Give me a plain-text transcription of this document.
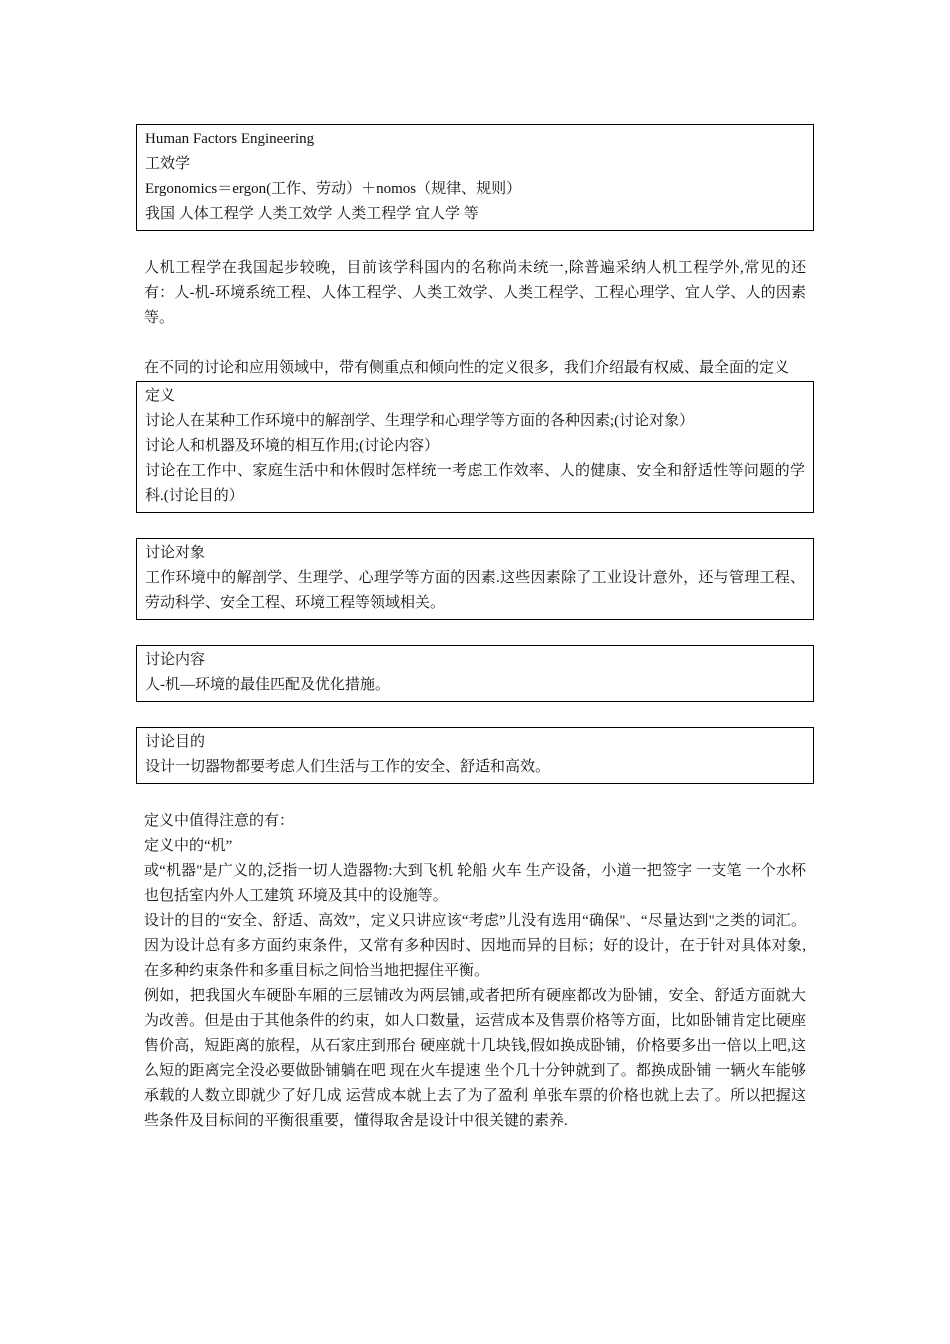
Human Factors Engineering
工效学
Ergonomics＝ergon(工作、劳动）＋nomos（规律、规则）
我国 人体工程学 人类工效学 人类工程学 宜人学 等
人机工程学在我国起步较晚，目前该学科国内的名称尚未统一,除普遍采纳人机工程学外,常见的还有：人-机-环境系统工程、人体工程学、人类工效学、人类工程学、工程心理学、宜人学、人的因素等。
在不同的讨论和应用领域中，带有侧重点和倾向性的定义很多，我们介绍最有权威、最全面的定义
定义
讨论人在某种工作环境中的解剖学、生理学和心理学等方面的各种因素;(讨论对象）
讨论人和机器及环境的相互作用;(讨论内容）
讨论在工作中、家庭生活中和休假时怎样统一考虑工作效率、人的健康、安全和舒适性等问题的学科.(讨论目的）
讨论对象
工作环境中的解剖学、生理学、心理学等方面的因素.这些因素除了工业设计意外，还与管理工程、劳动科学、安全工程、环境工程等领域相关。
讨论内容
人-机—环境的最佳匹配及优化措施。
讨论目的
设计一切器物都要考虑人们生活与工作的安全、舒适和高效。
定义中值得注意的有：
定义中的“机”
或“机器"是广义的,泛指一切人造器物:大到飞机 轮船 火车 生产设备，小道一把签字 一支笔 一个水杯 也包括室内外人工建筑 环境及其中的设施等。
设计的目的“安全、舒适、高效”，定义只讲应该“考虑”儿没有选用“确保"、“尽量达到"之类的词汇。因为设计总有多方面约束条件，又常有多种因时、因地而异的目标；好的设计，在于针对具体对象,在多种约束条件和多重目标之间恰当地把握住平衡。
例如，把我国火车硬卧车厢的三层铺改为两层铺,或者把所有硬座都改为卧铺，安全、舒适方面就大为改善。但是由于其他条件的约束，如人口数量，运营成本及售票价格等方面，比如卧铺肯定比硬座售价高，短距离的旅程，从石家庄到邢台 硬座就十几块钱,假如换成卧铺，价格要多出一倍以上吧,这么短的距离完全没必要做卧铺躺在吧 现在火车提速 坐个几十分钟就到了。都换成卧铺 一辆火车能够承载的人数立即就少了好几成 运营成本就上去了为了盈利 单张车票的价格也就上去了。所以把握这些条件及目标间的平衡很重要，懂得取舍是设计中很关键的素养.
